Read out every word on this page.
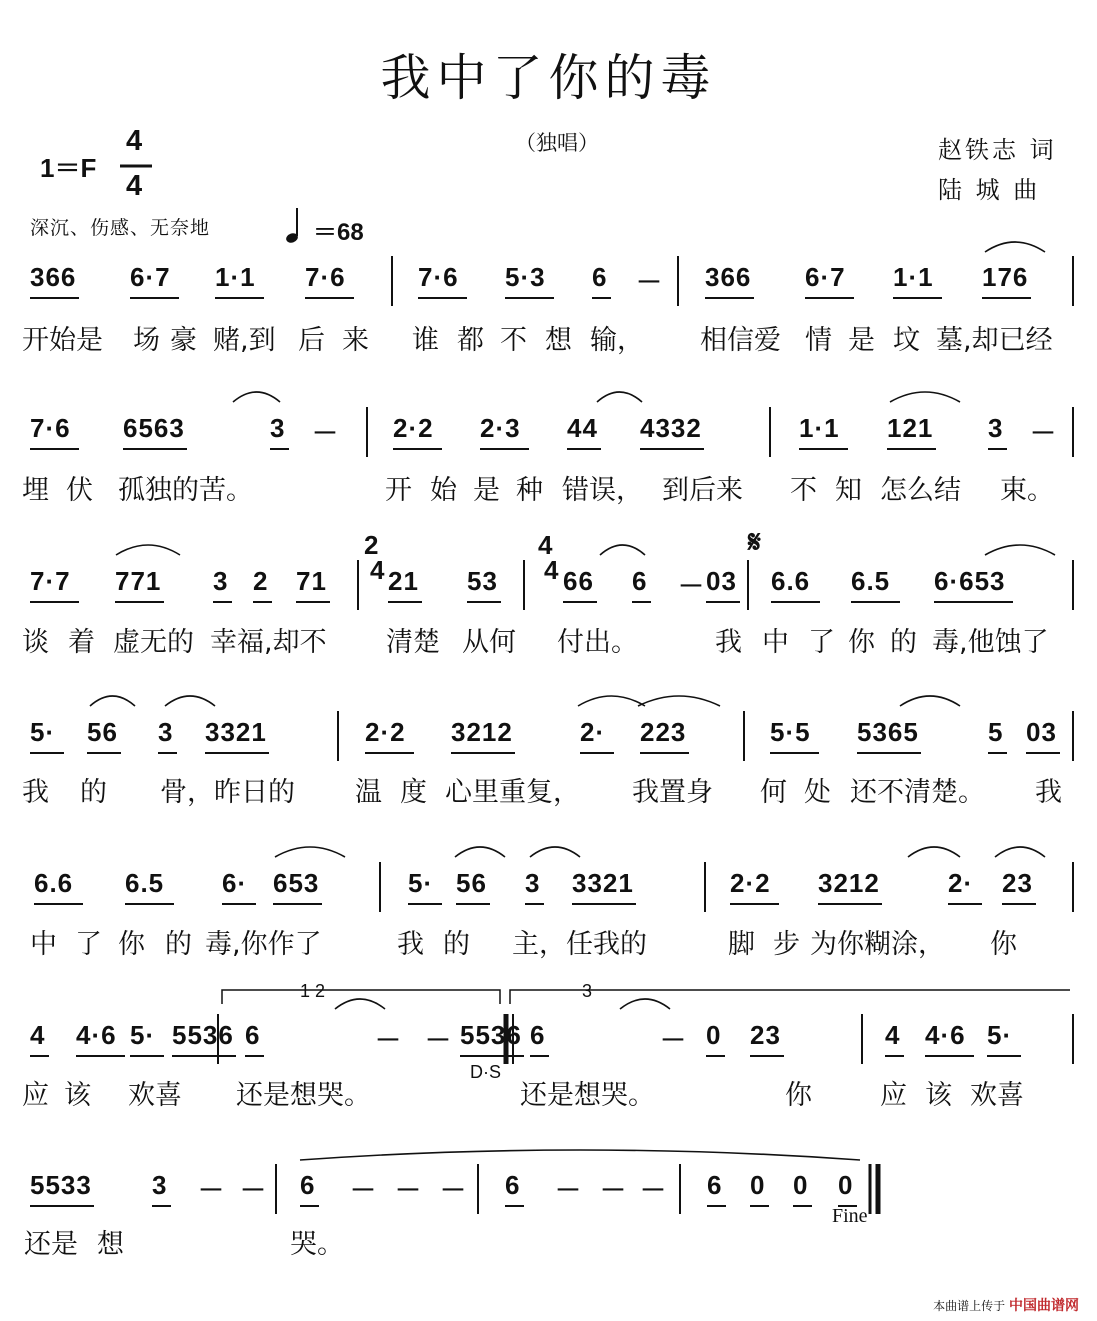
我中了你的毒
（独唱）	赵铁志 词
陆 城 曲
1＝F
4
4
深沉、伤感、无奈地	＝68
366 6·7 1·1 7·6	7·6 5·3 6 － 366 6·7 1·1 176
开始是 场 豪 赌,到 后 来 谁 都 不 想 输， 相信爱 情 是 坟 墓,却已经
7·6 6563	3 － 2·2 2·3 44 4332	1·1 121 3 －
埋 伏 孤独的苦。	开 始 是 种 错误， 到后来 不 知 怎么结 束。
7·7 771 3 2 71 21 53	66 6 － 03 6.6 6.5 6·653
谈 着 虚无的 幸福,却不 清楚 从何 付出。	我 中 了 你 的 毒,他蚀了
5· 56 3 3321	2·2 3212	2· 223	5·5 5365	5 03
我 的 骨，昨日的 温 度 心里重复， 我置身 何 处 还不清楚。 我
6.6 6.5 6· 653	5· 56 3 3321	2·2 3212	2· 23
中 了 你 的 毒,你作了	我 的 主，任我的	脚 步 为你糊涂， 你
4 4·6 5· 5536 6	－ － 5536 6	－ 0 23	4 4·6 5·
应 该 欢喜 还是想哭。	还是想哭。	你	应 该 欢喜
5533 3 － － 6 － － － 6 － － － 6 0 0 0
还是 想	哭。
2
4
4
4
1 2	3
D·S
Fine
𝄋
本曲谱上传于 中国曲谱网
